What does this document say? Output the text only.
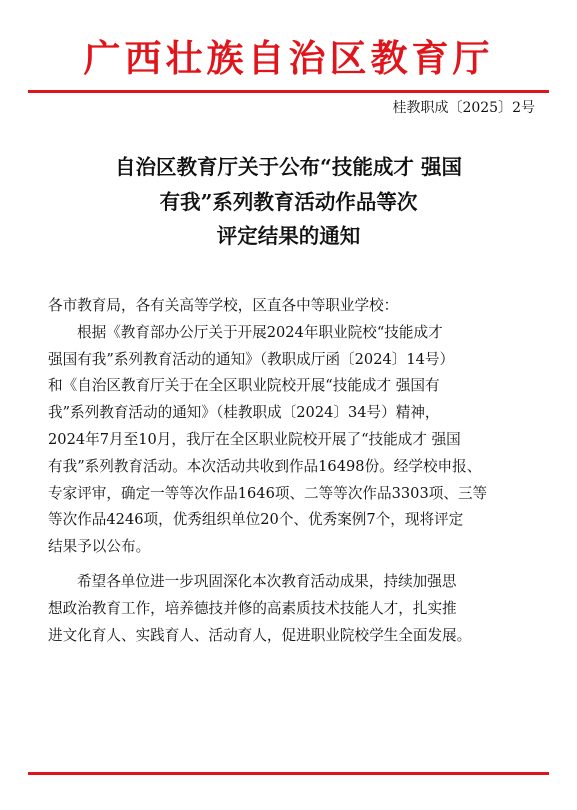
广西壮族自治区教育厅
桂教职成〔2025〕2号
自治区教育厅关于公布“技能成才 强国
有我”系列教育活动作品等次
评定结果的通知
各市教育局，各有关高等学校，区直各中等职业学校：
根据《教育部办公厅关于开展2024年职业院校“技能成才
强国有我”系列教育活动的通知》（教职成厅函〔2024〕14号）
和《自治区教育厅关于在全区职业院校开展“技能成才 强国有
我”系列教育活动的通知》（桂教职成〔2024〕34号）精神，
2024年7月至10月，我厅在全区职业院校开展了“技能成才 强国
有我”系列教育活动。本次活动共收到作品16498份。经学校申报、
专家评审，确定一等等次作品1646项、二等等次作品3303项、三等
等次作品4246项，优秀组织单位20个、优秀案例7个，现将评定
结果予以公布。
希望各单位进一步巩固深化本次教育活动成果，持续加强思
想政治教育工作，培养德技并修的高素质技术技能人才，扎实推
进文化育人、实践育人、活动育人，促进职业院校学生全面发展。
